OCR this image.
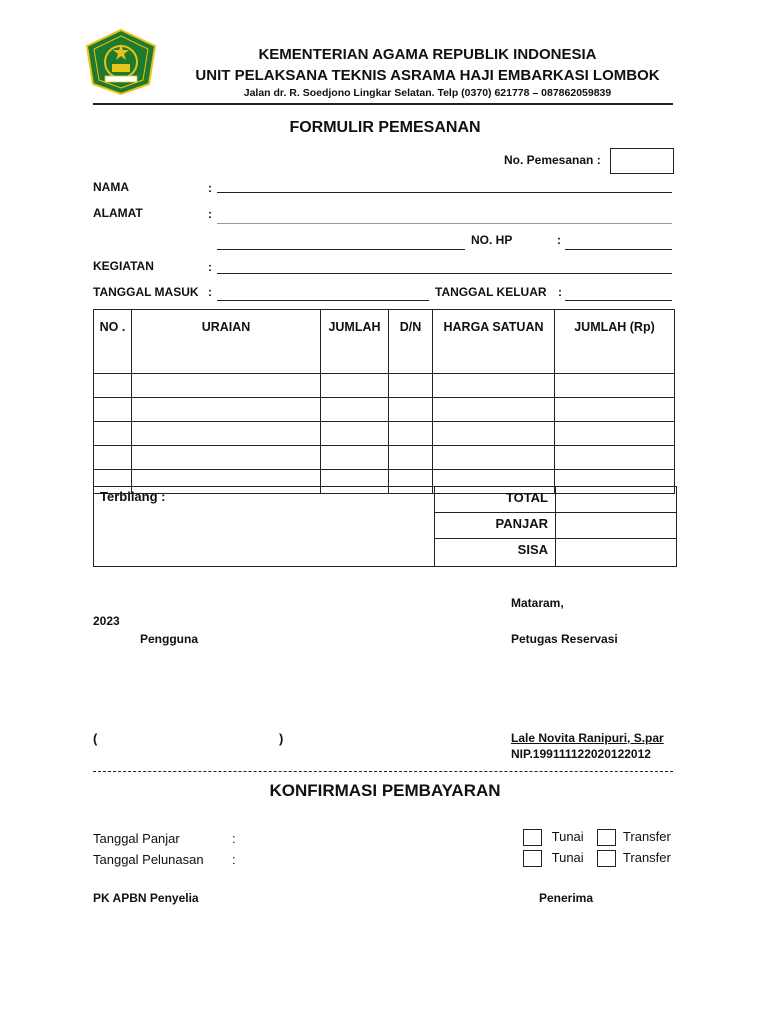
KEMENTERIAN AGAMA REPUBLIK INDONESIA
UNIT PELAKSANA TEKNIS ASRAMA HAJI EMBARKASI LOMBOK
Jalan dr. R. Soedjono Lingkar Selatan. Telp (0370) 621778 – 087862059839
FORMULIR PEMESANAN
No. Pemesanan :
NAMA	:
ALAMAT	:
NO. HP	:
KEGIATAN	:
TANGGAL MASUK :	TANGGAL KELUAR :
NO .	URAIAN	JUMLAH	D/N	HARGA SATUAN	JUMLAH (Rp)

Terbilang :	TOTAL
PANJAR
SISA
Mataram,
2023
Pengguna	Petugas Reservasi
(	)	Lale Novita Ranipuri, S.par
NIP.199111122020122012
KONFIRMASI PEMBAYARAN
Tanggal Panjar	:
Tanggal Pelunasan :
Tunai	Transfer
Tunai	Transfer
PK APBN Penyelia	Penerima
